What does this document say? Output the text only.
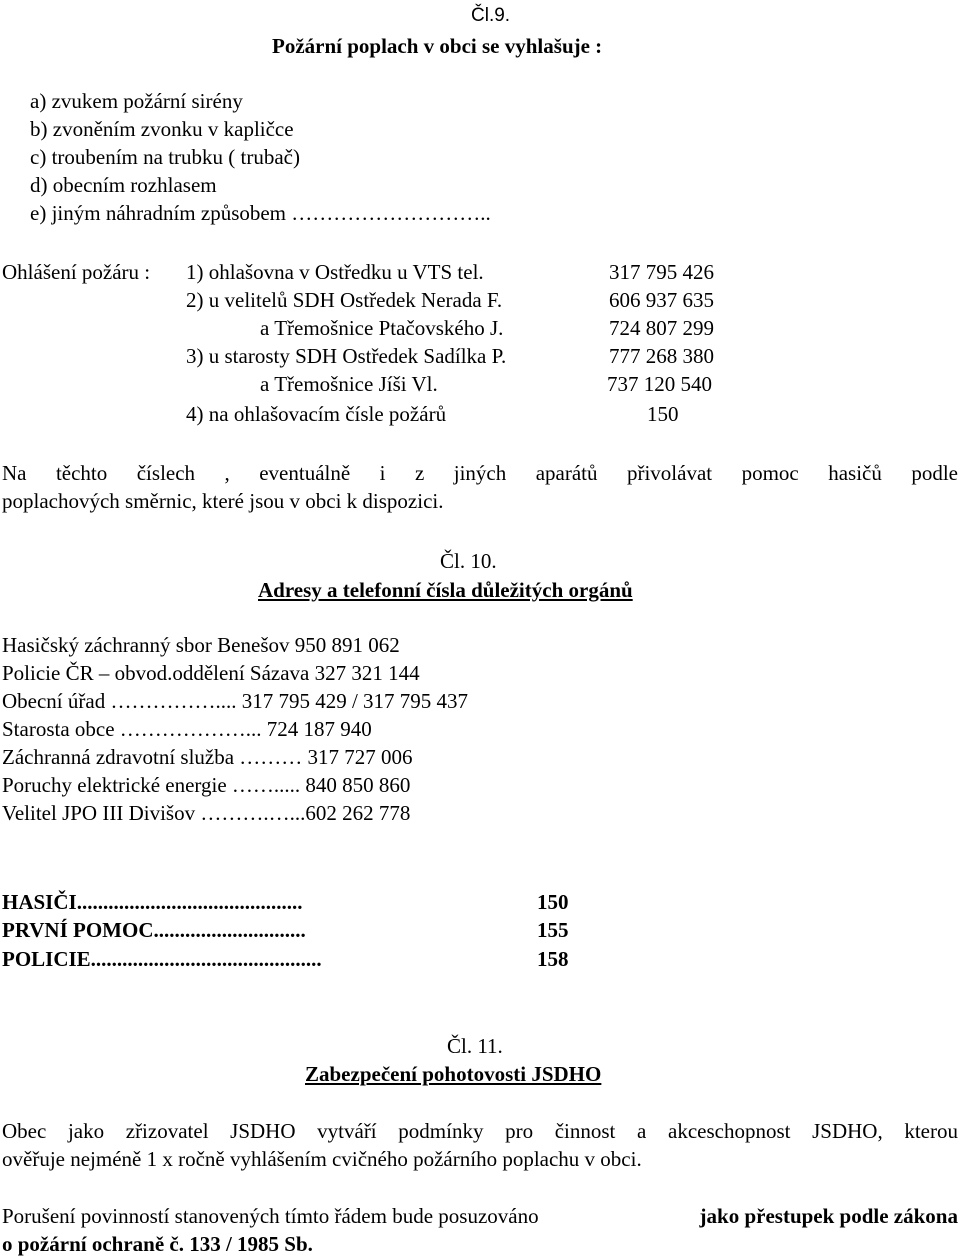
Čl.9.
Požární poplach v obci se vyhlašuje :
a) zvukem požární sirény
b) zvoněním zvonku v kapličce
c) troubením na trubku ( trubač)
d) obecním rozhlasem
e) jiným náhradním způsobem ………………………..
Ohlášení požáru : 1) ohlašovna v Ostředku u VTS tel.	317 795 426
2) u velitelů SDH Ostředek Nerada F.	606 937 635
a Třemošnice Ptačovského J.	724 807 299
3) u starosty SDH Ostředek Sadílka P.	777 268 380
a Třemošnice Jíši Vl.	737 120 540
4) na ohlašovacím čísle požárů	150
Na těchto číslech , eventuálně i z jiných aparátů přivolávat pomoc hasičů podle
poplachových směrnic, které jsou v obci k dispozici.
Čl. 10.
Adresy a telefonní čísla důležitých orgánů
Hasičský záchranný sbor Benešov 950 891 062
Policie ČR – obvod.oddělení Sázava 327 321 144
Obecní úřad …………….... 317 795 429 / 317 795 437
Starosta obce ………………... 724 187 940
Záchranná zdravotní služba ……… 317 727 006
Poruchy elektrické energie ……..... 840 850 860
Velitel JPO III Divišov ……….…...602 262 778
HASIČI...........................................	150
PRVNÍ POMOC.............................	155
POLICIE............................................	158
Čl. 11.
Zabezpečení pohotovosti JSDHO
Obec jako zřizovatel JSDHO vytváří podmínky pro činnost a akceschopnost JSDHO, kterou
ověřuje nejméně 1 x ročně vyhlášením cvičného požárního poplachu v obci.
Porušení povinností stanovených tímto řádem bude posuzováno	jako přestupek podle zákona
o požární ochraně č. 133 / 1985 Sb.
